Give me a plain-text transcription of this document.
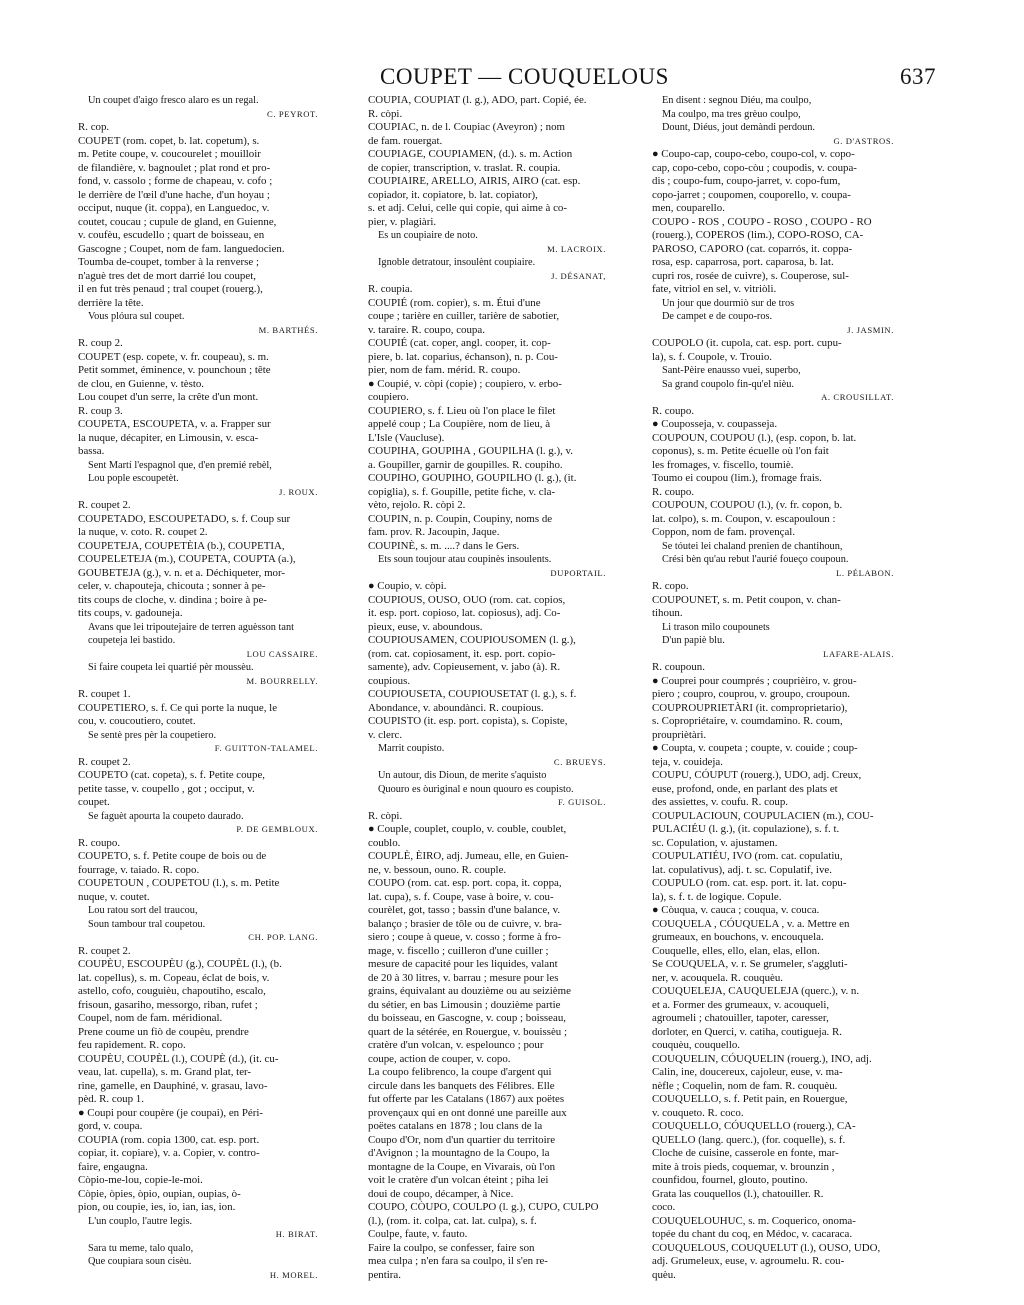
COUPET — COUQUELOUS	637
Un coupet d'aigo fresco alaro es un regal.
C. PEYROT.
R. cop.
COUPET (rom. copet, b. lat. copetum), s.
m. Petite coupe, v. coucourelet ; mouilloir
de filandière, v. bagnoulet ; plat rond et pro-
fond, v. cassolo ; forme de chapeau, v. cofo ;
le derrière de l'œil d'une hache, d'un hoyau ;
occiput, nuque (it. coppa), en Languedoc, v.
coutet, coucau ; cupule de gland, en Guienne,
v. coufèu, escudello ; quart de boisseau, en
Gascogne ; Coupet, nom de fam. languedocien.
Toumba de-coupet, tomber à la renverse ;
n'aguè tres det de mort darrié lou coupet,
il en fut très penaud ; tral coupet (rouerg.),
derrière la tête.
Vous plóura sul coupet.
M. BARTHÉS.
R. coup 2.
COUPET (esp. copete, v. fr. coupeau), s. m.
Petit sommet, éminence, v. pounchoun ; tête
de clou, en Guienne, v. tèsto.
Lou coupet d'un serre, la crête d'un mont.
R. coup 3.
COUPETA, ESCOUPETA, v. a. Frapper sur
la nuque, décapiter, en Limousin, v. esca-
bassa.
Sent Martí l'espagnol que, d'en premié rebèl,
Lou pople escoupetèt.
J. ROUX.
R. coupet 2.
COUPETADO, ESCOUPETADO, s. f. Coup sur
la nuque, v. coto. R. coupet 2.
COUPETEJA, COUPETÈIA (b.), COUPETIA,
COUPELETEJA (m.), COUPETA, COUPTA (a.),
GOUBETEJA (g.), v. n. et a. Déchiqueter, mor-
celer, v. chapouteja, chicouta ; sonner à pe-
tits coups de cloche, v. dindina ; boire à pe-
tits coups, v. gadouneja.
Avans que lei tripoutejaire de terren aguèsson tant
coupeteja lei bastido.
LOU CASSAIRE.
Si faire coupeta lei quartié pèr moussèu.
M. BOURRELLY.
R. coupet 1.
COUPETIERO, s. f. Ce qui porte la nuque, le
cou, v. coucoutiero, coutet.
Se sentè pres pèr la coupetiero.
F. GUITTON-TALAMEL.
R. coupet 2.
COUPETO (cat. copeta), s. f. Petite coupe,
petite tasse, v. coupello , got ; occiput, v.
coupet.
Se faguèt apourta la coupeto daurado.
P. DE GEMBLOUX.
R. coupo.
COUPETO, s. f. Petite coupe de bois ou de
fourrage, v. taiado. R. copo.
COUPETOUN , COUPETOU (l.), s. m. Petite
nuque, v. coutet.
Lou ratou sort del traucou,
Soun tambour tral coupetou.
CH. POP. LANG.
R. coupet 2.
COUPÈU, ESCOUPÈU (g.), COUPÈL (l.), (b.
lat. copellus), s. m. Copeau, éclat de bois, v.
astello, cofo, couguièu, chapoutiho, escalo,
frisoun, gasariho, messorgo, riban, rufet ;
Coupel, nom de fam. méridional.
Prene coume un fiò de coupèu, prendre
feu rapidement. R. copo.
COUPÈU, COUPÈL (l.), COUPÈ (d.), (it. cu-
veau, lat. cupella), s. m. Grand plat, ter-
rine, gamelle, en Dauphiné, v. grasau, lavo-
pèd. R. coup 1.
● Coupi pour coupère (je coupai), en Péri-
gord, v. coupa.
COUPIA (rom. copia 1300, cat. esp. port.
copiar, it. copiare), v. a. Copier, v. contro-
faire, engaugna.
Còpio-me-lou, copie-le-moi.
Còpie, òpies, òpio, oupian, oupias, ò-
pion, ou coupie, ies, io, ian, ias, ion.
L'un couplo, l'autre legis.
H. BIRAT.
Sara tu meme, talo qualo,
Que coupiara soun cisèu.
H. MOREL.
COUPIA, COUPIAT (l. g.), ADO, part. Copié, ée.
R. còpi.
COUPIAC, n. de l. Coupiac (Aveyron) ; nom
de fam. rouergat.
COUPIAGE, COUPIAMEN, (d.). s. m. Action
de copier, transcription, v. traslat. R. coupia.
COUPIAIRE, ARELLO, AIRIS, AIRO (cat. esp.
copiador, it. copiatore, b. lat. copiator),
s. et adj. Celui, celle qui copie, qui aime à co-
pier, v. plagiàri.
Es un coupiaire de noto.
M. LACROIX.
Ignoble detratour, insoulènt coupiaire.
J. DÉSANAT,
R. coupia.
COUPIÉ (rom. copier), s. m. Étui d'une
coupe ; tarière en cuiller, tarière de sabotier,
v. taraire. R. coupo, coupa.
COUPIÉ (cat. coper, angl. cooper, it. cop-
piere, b. lat. coparius, échanson), n. p. Cou-
pier, nom de fam. mérid. R. coupo.
● Coupié, v. còpi (copie) ; coupiero, v. erbo-
coupiero.
COUPIERO, s. f. Lieu où l'on place le filet
appelé coup ; La Coupière, nom de lieu, à
L'Isle (Vaucluse).
COUPIHA, GOUPIHA , GOUPILHA (l. g.), v.
a. Goupiller, garnir de goupilles. R. coupiho.
COUPIHO, GOUPIHO, GOUPILHO (l. g.), (it.
copiglia), s. f. Goupille, petite fiche, v. cla-
vèto, rejolo. R. còpi 2.
COUPIN, n. p. Coupin, Coupiny, noms de
fam. prov. R. Jacoupin, Jaque.
COUPINÈ, s. m. ....? dans le Gers.
Ets soun toujour atau coupinès insoulents.
DUPORTAIL.
● Coupio, v. còpi.
COUPIOUS, OUSO, OUO (rom. cat. copios,
it. esp. port. copioso, lat. copiosus), adj. Co-
pieux, euse, v. aboundous.
COUPIOUSAMEN, COUPIOUSOMEN (l. g.),
(rom. cat. copiosament, it. esp. port. copio-
samente), adv. Copieusement, v. jabo (à). R.
coupious.
COUPIOUSETA, COUPIOUSETAT (l. g.), s. f.
Abondance, v. aboundànci. R. coupious.
COUPISTO (it. esp. port. copista), s. Copiste,
v. clerc.
Marrit coupisto.
C. BRUEYS.
Un autour, dis Dioun, de merite s'aquisto
Quouro es òuriginal e noun quouro es coupisto.
F. GUISOL.
R. còpi.
● Couple, couplet, couplo, v. couble, coublet,
coublo.
COUPLÈ, ÈIRO, adj. Jumeau, elle, en Guien-
ne, v. bessoun, ouno. R. couple.
COUPO (rom. cat. esp. port. copa, it. coppa,
lat. cupa), s. f. Coupe, vase à boire, v. cou-
courèlet, got, tasso ; bassin d'une balance, v.
balanço ; brasier de tôle ou de cuivre, v. bra-
siero ; coupe à queue, v. cosso ; forme à fro-
mage, v. fiscello ; cuilleron d'une cuiller ;
mesure de capacité pour les liquides, valant
de 20 à 30 litres, v. barrau ; mesure pour les
grains, équivalant au douzième ou au seizième
du sétier, en bas Limousin ; douzième partie
du boisseau, en Gascogne, v. coup ; boisseau,
quart de la sétérée, en Rouergue, v. bouissèu ;
cratère d'un volcan, v. espelounco ; pour
coupe, action de couper, v. copo.
La coupo felibrenco, la coupe d'argent qui
circule dans les banquets des Félibres. Elle
fut offerte par les Catalans (1867) aux poëtes
provençaux qui en ont donné une pareille aux
poëtes catalans en 1878 ; lou clans de la
Coupo d'Or, nom d'un quartier du territoire
d'Avignon ; la mountagno de la Coupo, la
montagne de la Coupe, en Vivarais, où l'on
voit le cratère d'un volcan éteint ; piha lei
doui de coupo, décamper, à Nice.
COUPO, CÒUPO, COULPO (l. g.), CUPO, CULPO
(l.), (rom. it. colpa, cat. lat. culpa), s. f.
Coulpe, faute, v. fauto.
Faire la coulpo, se confesser, faire son
mea culpa ; n'en fara sa coulpo, il s'en re-
pentira.
En disent : segnou Diéu, ma coulpo,
Ma coulpo, ma tres grèuo coulpo,
Dount, Diéus, jout demàndi perdoun.
G. D'ASTROS.
● Coupo-cap, coupo-cebo, coupo-col, v. copo-
cap, copo-cebo, copo-còu ; coupodis, v. coupa-
dis ; coupo-fum, coupo-jarret, v. copo-fum,
copo-jarret ; coupomen, couporello, v. coupa-
men, couparello.
COUPO - ROS , COUPO - ROSO , COUPO - RO
(rouerg.), COPEROS (lim.), COPO-ROSO, CA-
PAROSO, CAPORO (cat. coparrós, it. coppa-
rosa, esp. caparrosa, port. caparosa, b. lat.
cupri ros, rosée de cuivre), s. Couperose, sul-
fate, vitriol en sel, v. vitriòli.
Un jour que dourmiò sur de tros
De campet e de coupo-ros.
J. JASMIN.
COUPOLO (it. cupola, cat. esp. port. cupu-
la), s. f. Coupole, v. Trouio.
Sant-Pèire enausso vuei, superbo,
Sa grand coupolo fin-qu'el nièu.
A. CROUSILLAT.
R. coupo.
● Couposseja, v. coupasseja.
COUPOUN, COUPOU (l.), (esp. copon, b. lat.
coponus), s. m. Petite écuelle où l'on fait
les fromages, v. fiscello, toumiè.
Toumo ei coupou (lim.), fromage frais.
R. coupo.
COUPOUN, COUPOU (l.), (v. fr. copon, b.
lat. colpo), s. m. Coupon, v. escapouloun :
Coppon, nom de fam. provençal.
Se tóutei lei chaland prenien de chantihoun,
Crési bèn qu'au rebut l'aurié foueço coupoun.
L. PÉLABON.
R. copo.
COUPOUNET, s. m. Petit coupon, v. chan-
tihoun.
Li trason milo coupounets
D'un papiè blu.
LAFARE-ALAIS.
R. coupoun.
● Couprei pour coumprés ; couprièiro, v. grou-
piero ; coupro, couprou, v. groupo, croupoun.
COUPROUPRIETÀRI (it. comproprietario),
s. Copropriétaire, v. coumdamino. R. coum,
proupriètàri.
● Coupta, v. coupeta ; coupte, v. couide ; coup-
teja, v. couideja.
COUPU, CÓUPUT (rouerg.), UDO, adj. Creux,
euse, profond, onde, en parlant des plats et
des assiettes, v. coufu. R. coup.
COUPULACIOUN, COUPULACIEN (m.), COU-
PULACIÉU (l. g.), (it. copulazione), s. f. t.
sc. Copulation, v. ajustamen.
COUPULATIÉU, IVO (rom. cat. copulatiu,
lat. copulativus), adj. t. sc. Copulatif, ive.
COUPULO (rom. cat. esp. port. it. lat. copu-
la), s. f. t. de logique. Copule.
● Còuqua, v. cauca ; couqua, v. couca.
COUQUELA , CÓUQUELA , v. a. Mettre en
grumeaux, en bouchons, v. encouquela.
Couquelle, elles, ello, elan, elas, ellon.
Se COUQUELA, v. r. Se grumeler, s'aggluti-
ner, v. acouquela. R. couquèu.
COUQUELEJA, CAUQUELEJA (querc.), v. n.
et a. Former des grumeaux, v. acouqueli,
agroumeli ; chatouiller, tapoter, caresser,
dorloter, en Querci, v. catiha, coutigueja. R.
couquèu, couquello.
COUQUELIN, CÓUQUELIN (rouerg.), INO, adj.
Calin, ine, doucereux, cajoleur, euse, v. ma-
nèfle ; Coquelin, nom de fam. R. couquèu.
COUQUELLO, s. f. Petit pain, en Rouergue,
v. couqueto. R. coco.
COUQUELLO, CÓUQUELLO (rouerg.), CA-
QUELLO (lang. querc.), (for. coquelle), s. f.
Cloche de cuisine, casserole en fonte, mar-
mite à trois pieds, coquemar, v. brounzin ,
counfidou, fournel, glouto, poutino.
Grata las couquellos (l.), chatouiller. R.
coco.
COUQUELOUHUC, s. m. Coquerico, onoma-
topée du chant du coq, en Médoc, v. cacaraca.
COUQUELOUS, COUQUELUT (l.), OUSO, UDO,
adj. Grumeleux, euse, v. agroumelu. R. cou-
quèu.
